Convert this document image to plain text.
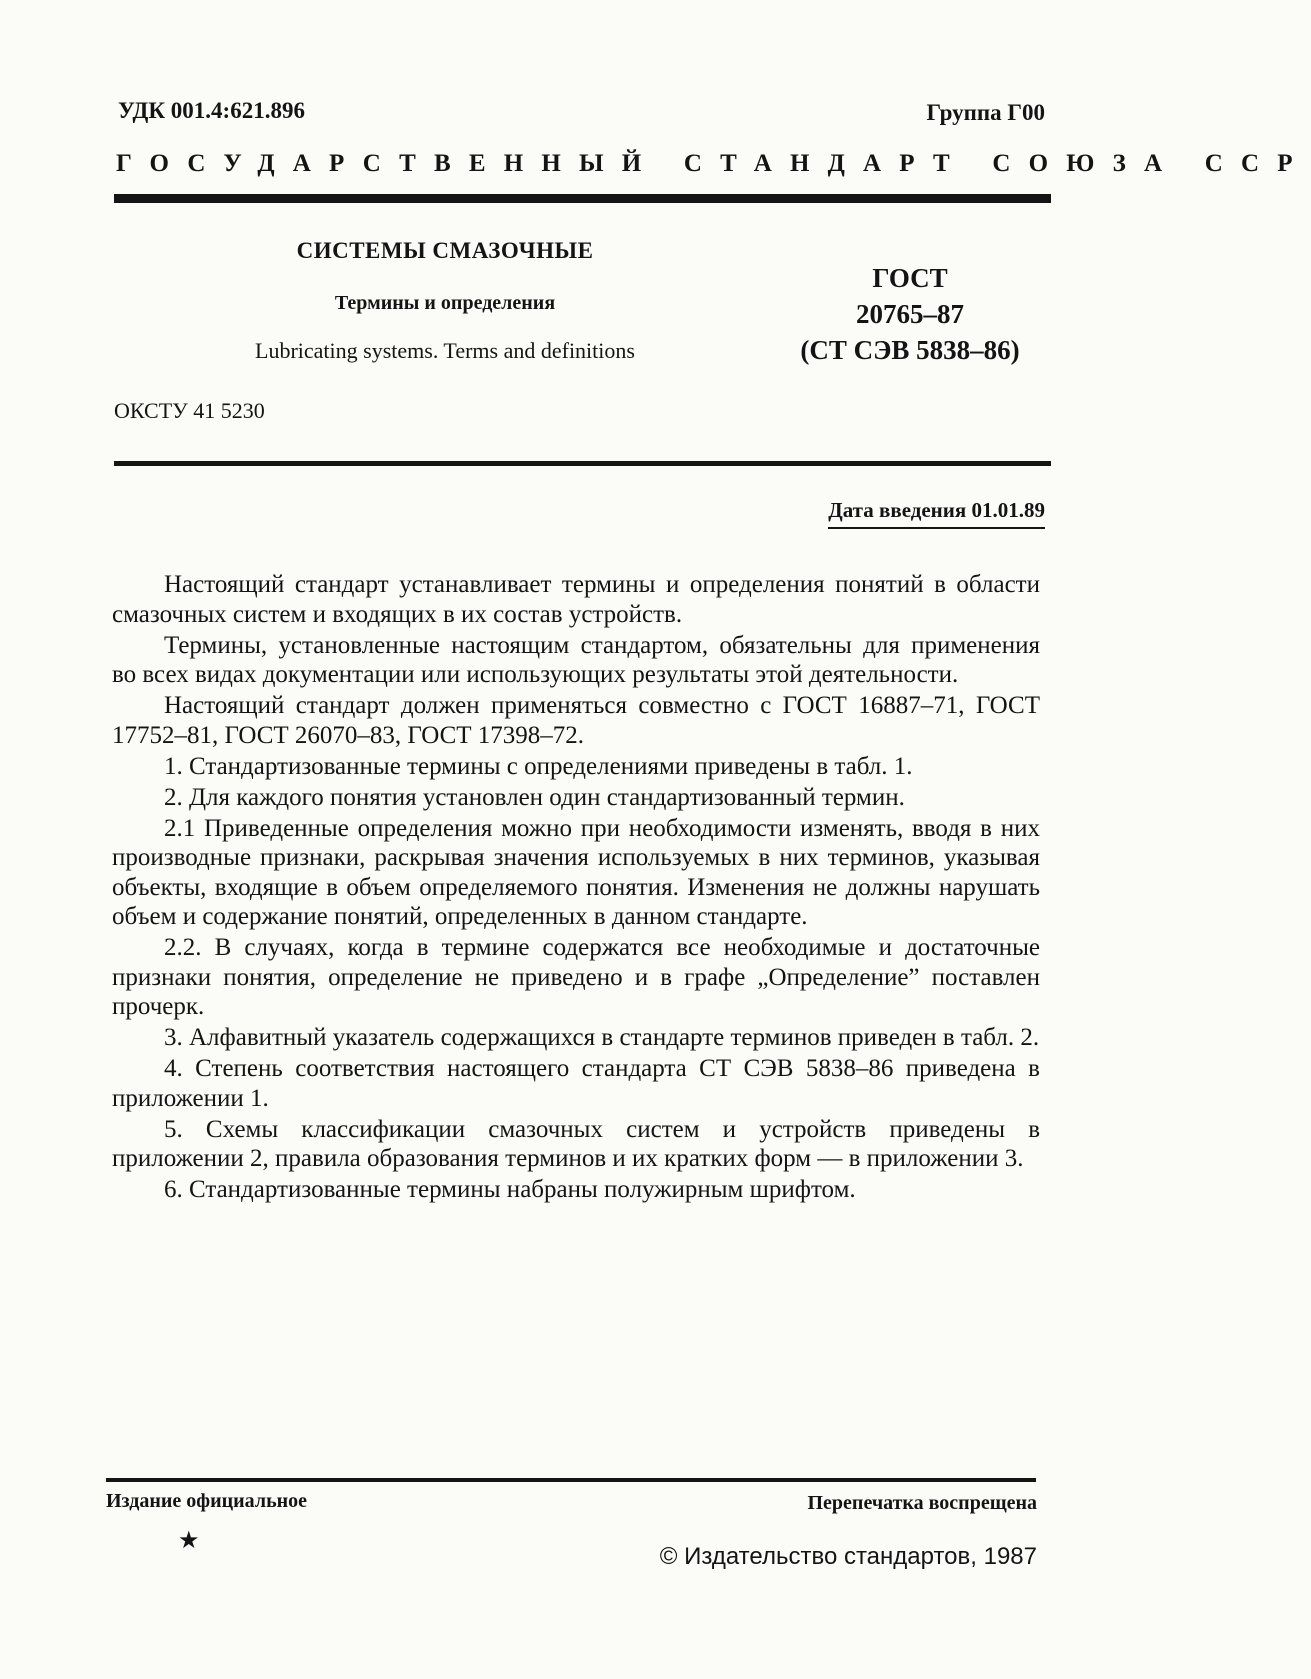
УДК 001.4:621.896	Группа Г00
ГОСУДАРСТВЕННЫЙ СТАНДАРТ СОЮЗА ССР
СИСТЕМЫ СМАЗОЧНЫЕ
Термины и определения
Lubricating systems. Terms and definitions
ГОСТ
20765–87
(СТ СЭВ 5838–86)
ОКСТУ 41 5230
Дата введения 01.01.89

Настоящий стандарт устанавливает термины и определения понятий в области смазочных систем и входящих в их состав устройств.

Термины, установленные настоящим стандартом, обязательны для применения во всех видах документации или использующих результаты этой деятельности.

Настоящий стандарт должен применяться совместно с ГОСТ 16887–71, ГОСТ 17752–81, ГОСТ 26070–83, ГОСТ 17398–72.

1. Стандартизованные термины с определениями приведены в табл. 1.

2. Для каждого понятия установлен один стандартизованный термин.

2.1 Приведенные определения можно при необходимости изменять, вводя в них производные признаки, раскрывая значения используемых в них терминов, указывая объекты, входящие в объем определяемого понятия. Изменения не должны нарушать объем и содержание понятий, определенных в данном стандарте.

2.2. В случаях, когда в термине содержатся все необходимые и достаточные признаки понятия, определение не приведено и в графе „Определение” поставлен прочерк.

3. Алфавитный указатель содержащихся в стандарте терминов приведен в табл. 2.

4. Степень соответствия настоящего стандарта СТ СЭВ 5838–86 приведена в приложении 1.

5. Схемы классификации смазочных систем и устройств приведены в приложении 2, правила образования терминов и их кратких форм — в приложении 3.

6. Стандартизованные термины набраны полужирным шрифтом.

Издание официальное	Перепечатка воспрещена
★
© Издательство стандартов, 1987
